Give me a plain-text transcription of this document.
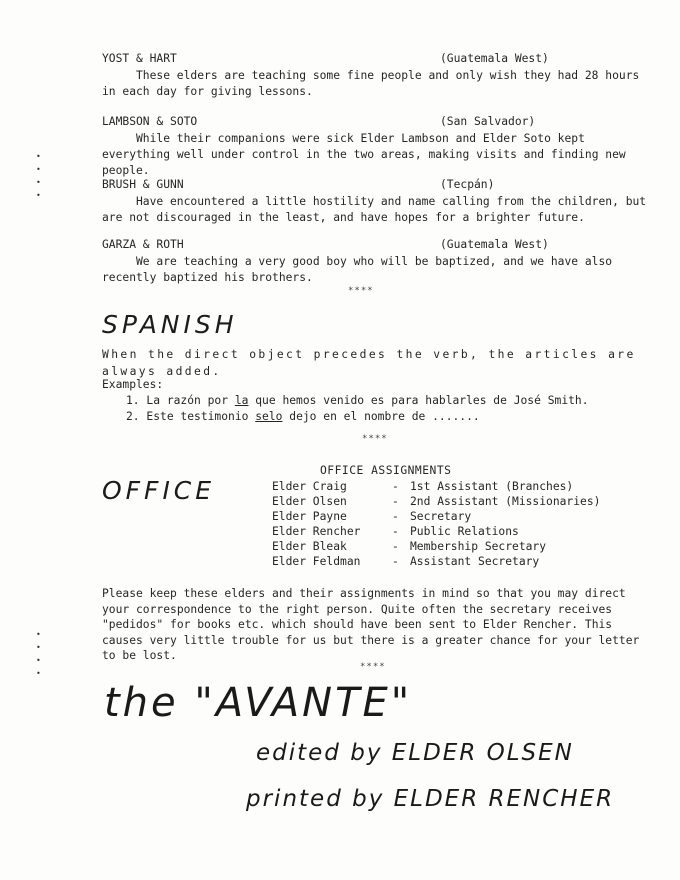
YOST & HART	(Guatemala West)
These elders are teaching some fine people and only wish they had 28 hours in each day for giving lessons.
LAMBSON & SOTO	(San Salvador)
While their companions were sick Elder Lambson and Elder Soto kept everything well under control in the two areas, making visits and finding new people.
BRUSH & GUNN	(Tecpán)
Have encountered a little hostility and name calling from the children, but are not discouraged in the least, and have hopes for a brighter future.
GARZA & ROTH	(Guatemala West)
We are teaching a very good boy who will be baptized, and we have also recently baptized his brothers.
****
•
•
•
•
•
•
•
•
SPANISH
When the direct object precedes the verb, the articles are always added.
Examples:
1. La razón por la que hemos venido es para hablarles de José Smith.
2. Este testimonio selo dejo en el nombre de .......
****
OFFICE ASSIGNMENTS
OFFICE	Elder Craig	- 1st Assistant (Branches)
Elder Olsen	- 2nd Assistant (Missionaries)
Elder Payne	- Secretary
Elder Rencher	- Public Relations
Elder Bleak	- Membership Secretary
Elder Feldman	- Assistant Secretary
Please keep these elders and their assignments in mind so that you may direct your correspondence to the right person. Quite often the secretary receives "pedidos" for books etc. which should have been sent to Elder Rencher. This causes very little trouble for us but there is a greater chance for your letter to be lost.
****
the "AVANTE"
edited by ELDER OLSEN
printed by ELDER RENCHER
